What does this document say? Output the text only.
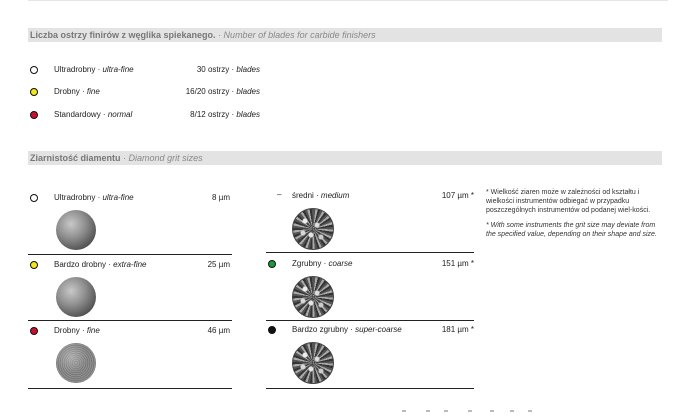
Liczba ostrzy finirów z węglika spiekanego. · Number of blades for carbide finishers
Ultradrobny · ultra-fine	30 ostrzy · blades
Drobny · fine	16/20 ostrzy · blades
Standardowy · normal	8/12 ostrzy · blades
Ziarnistość diamentu · Diamond grit sizes
Ultradrobny · ultra-fine	8 µm
Bardzo drobny · extra-fine	25 µm
Drobny · fine	46 µm
– średni · medium	107 µm *
Zgrubny · coarse	151 µm *
Bardzo zgrubny · super-coarse	181 µm *

* Wielkość ziaren może w zależności od kształtu i wielkości instrumentów odbiegać w przypadku poszczególnych instrumentów od podanej wiel-kości.

* With some instruments the grit size may deviate from the specified value, depending on their shape and size.
